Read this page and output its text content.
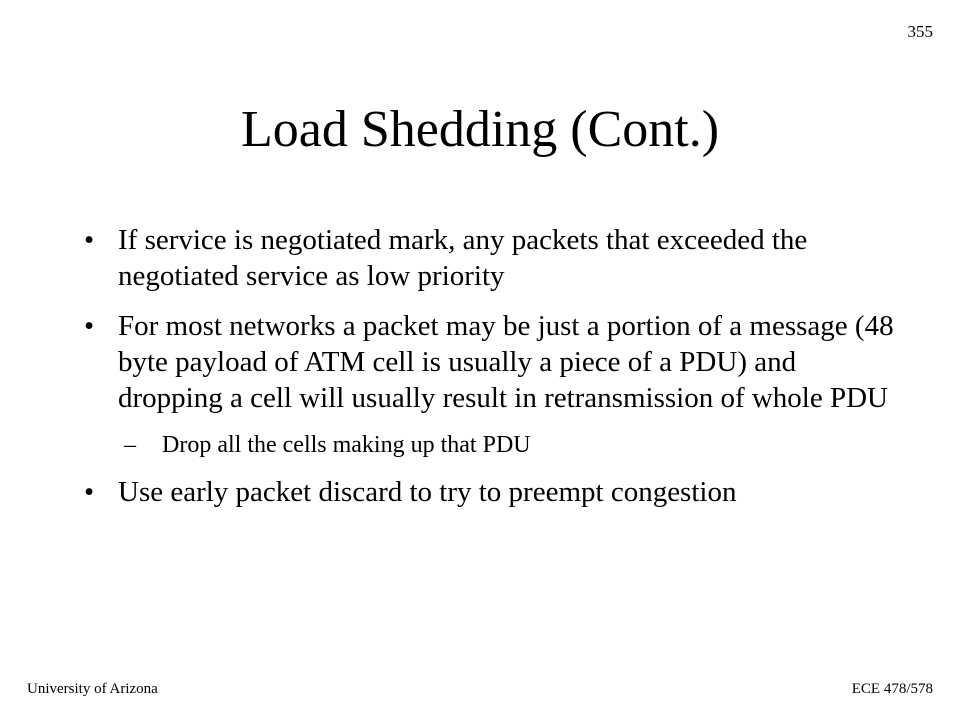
355
Load Shedding (Cont.)
• If service is negotiated mark, any packets that exceeded the negotiated service as low priority
• For most networks a packet may be just a portion of a message (48 byte payload of ATM cell is usually a piece of a PDU) and dropping a cell will usually result in retransmission of whole PDU
– Drop all the cells making up that PDU
• Use early packet discard to try to preempt congestion
University of Arizona	ECE 478/578
